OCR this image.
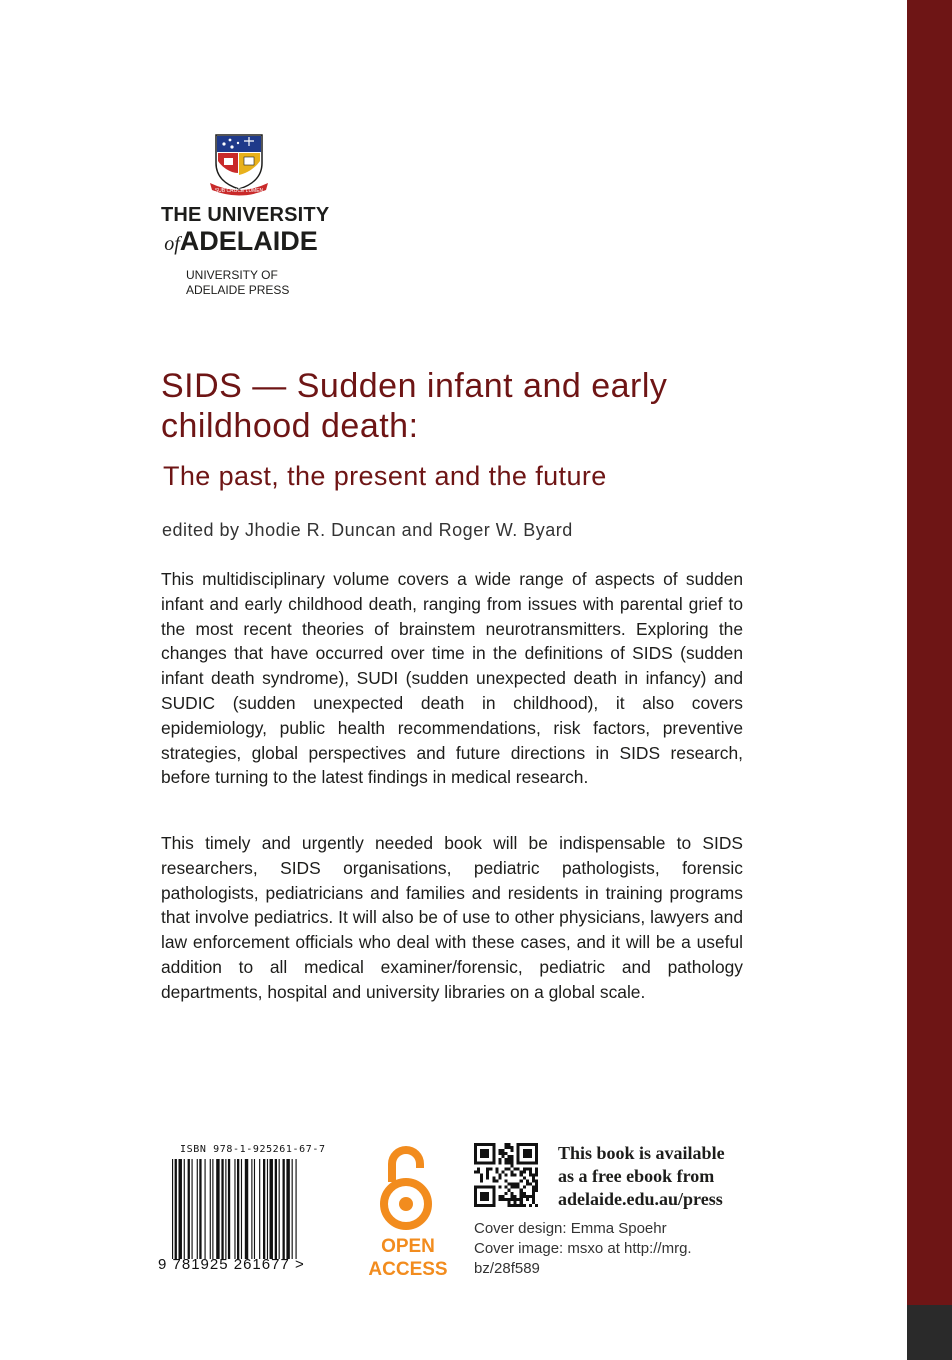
SUB CRUCE LUMEN
THE UNIVERSITY
ofADELAIDE
UNIVERSITY OF
ADELAIDE PRESS
SIDS — Sudden infant and early
childhood death:
The past, the present and the future
edited by Jhodie R. Duncan and Roger W. Byard
This multidisciplinary volume covers a wide range of aspects of sudden infant and early childhood death, ranging from issues with parental grief to the most recent theories of brainstem neurotransmitters. Exploring the changes that have occurred over time in the definitions of SIDS (sudden infant death syndrome), SUDI (sudden unexpected death in infancy) and SUDIC (sudden unexpected death in childhood), it also covers epidemiology, public health recommendations, risk factors, preventive strategies, global perspectives and future directions in SIDS research, before turning to the latest findings in medical research.
This timely and urgently needed book will be indispensable to SIDS researchers, SIDS organisations, pediatric pathologists, forensic pathologists, pediatricians and families and residents in training programs that involve pediatrics. It will also be of use to other physicians, lawyers and law enforcement officials who deal with these cases, and it will be a useful addition to all medical examiner/forensic, pediatric and pathology departments, hospital and university libraries on a global scale.
ISBN 978-1-925261-67-7
9 781925 261677 >
OPEN
ACCESS
This book is available
as a free ebook from
adelaide.edu.au/press
Cover design: Emma Spoehr
Cover image: msxo at http://mrg.
bz/28f589
